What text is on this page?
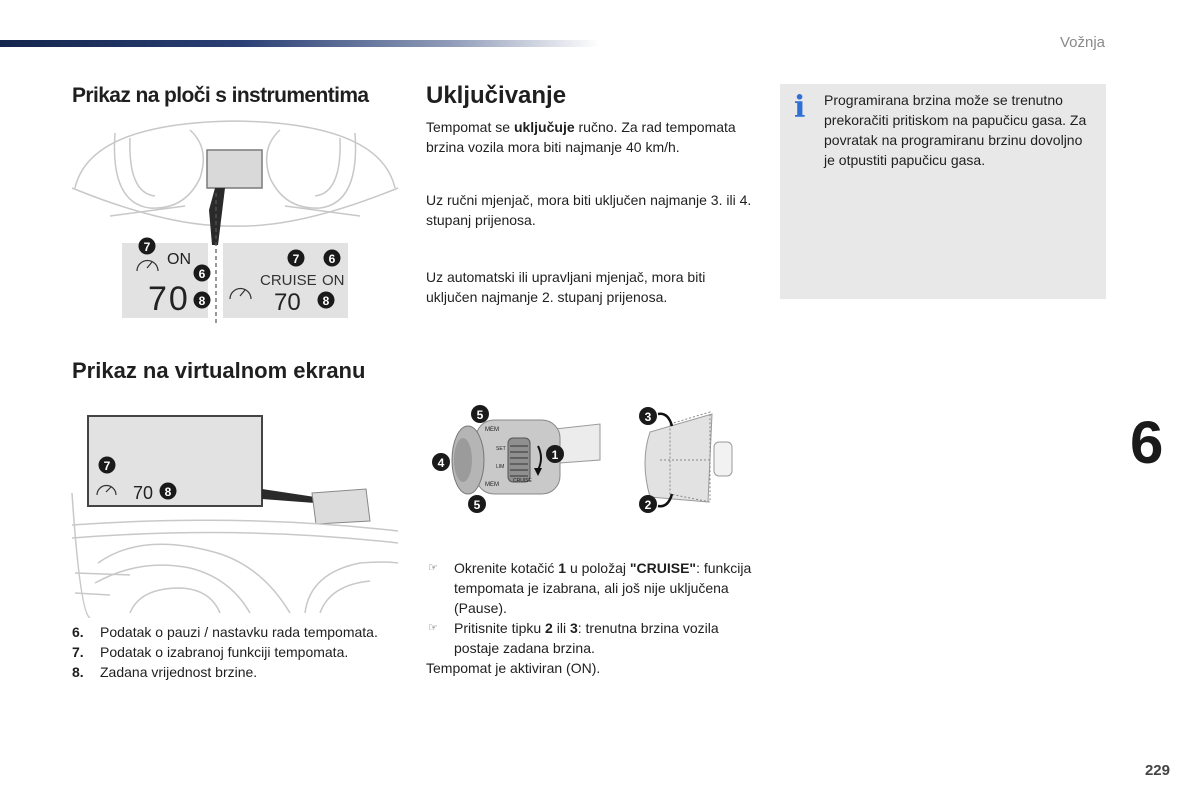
Vožnja
Prikaz na ploči s instrumentima Uključivanje
Prikaz na virtualnom ekranu
ON
70	CRUISE ON
70
7
6
8
7 6
8

Tempomat se uključuje ručno. Za rad tempomata brzina vozila mora biti najmanje 40 km/h.

Uz ručni mjenjač, mora biti uključen najmanje 3. ili 4. stupanj prijenosa.

Uz automatski ili upravljani mjenjač, mora biti uključen najmanje 2. stupanj prijenosa.

i Programirana brzina može se trenutno prekoračiti pritiskom na papučicu gasa. Za povratak na programiranu brzinu dovoljno je otpustiti papučicu gasa.
6
7
70 8
MEM
MEM
CRUISE
SET
LIM
5
4
5
1
3
2
6. Podatak o pauzi / nastavku rada tempomata.
7. Podatak o izabranoj funkciji tempomata.
8. Zadana vrijednost brzine.
☞ Okrenite kotačić 1 u položaj "CRUISE": funkcija tempomata je izabrana, ali još nije uključena (Pause).
☞ Pritisnite tipku 2 ili 3: trenutna brzina vozila postaje zadana brzina.
Tempomat je aktiviran (ON).
229
